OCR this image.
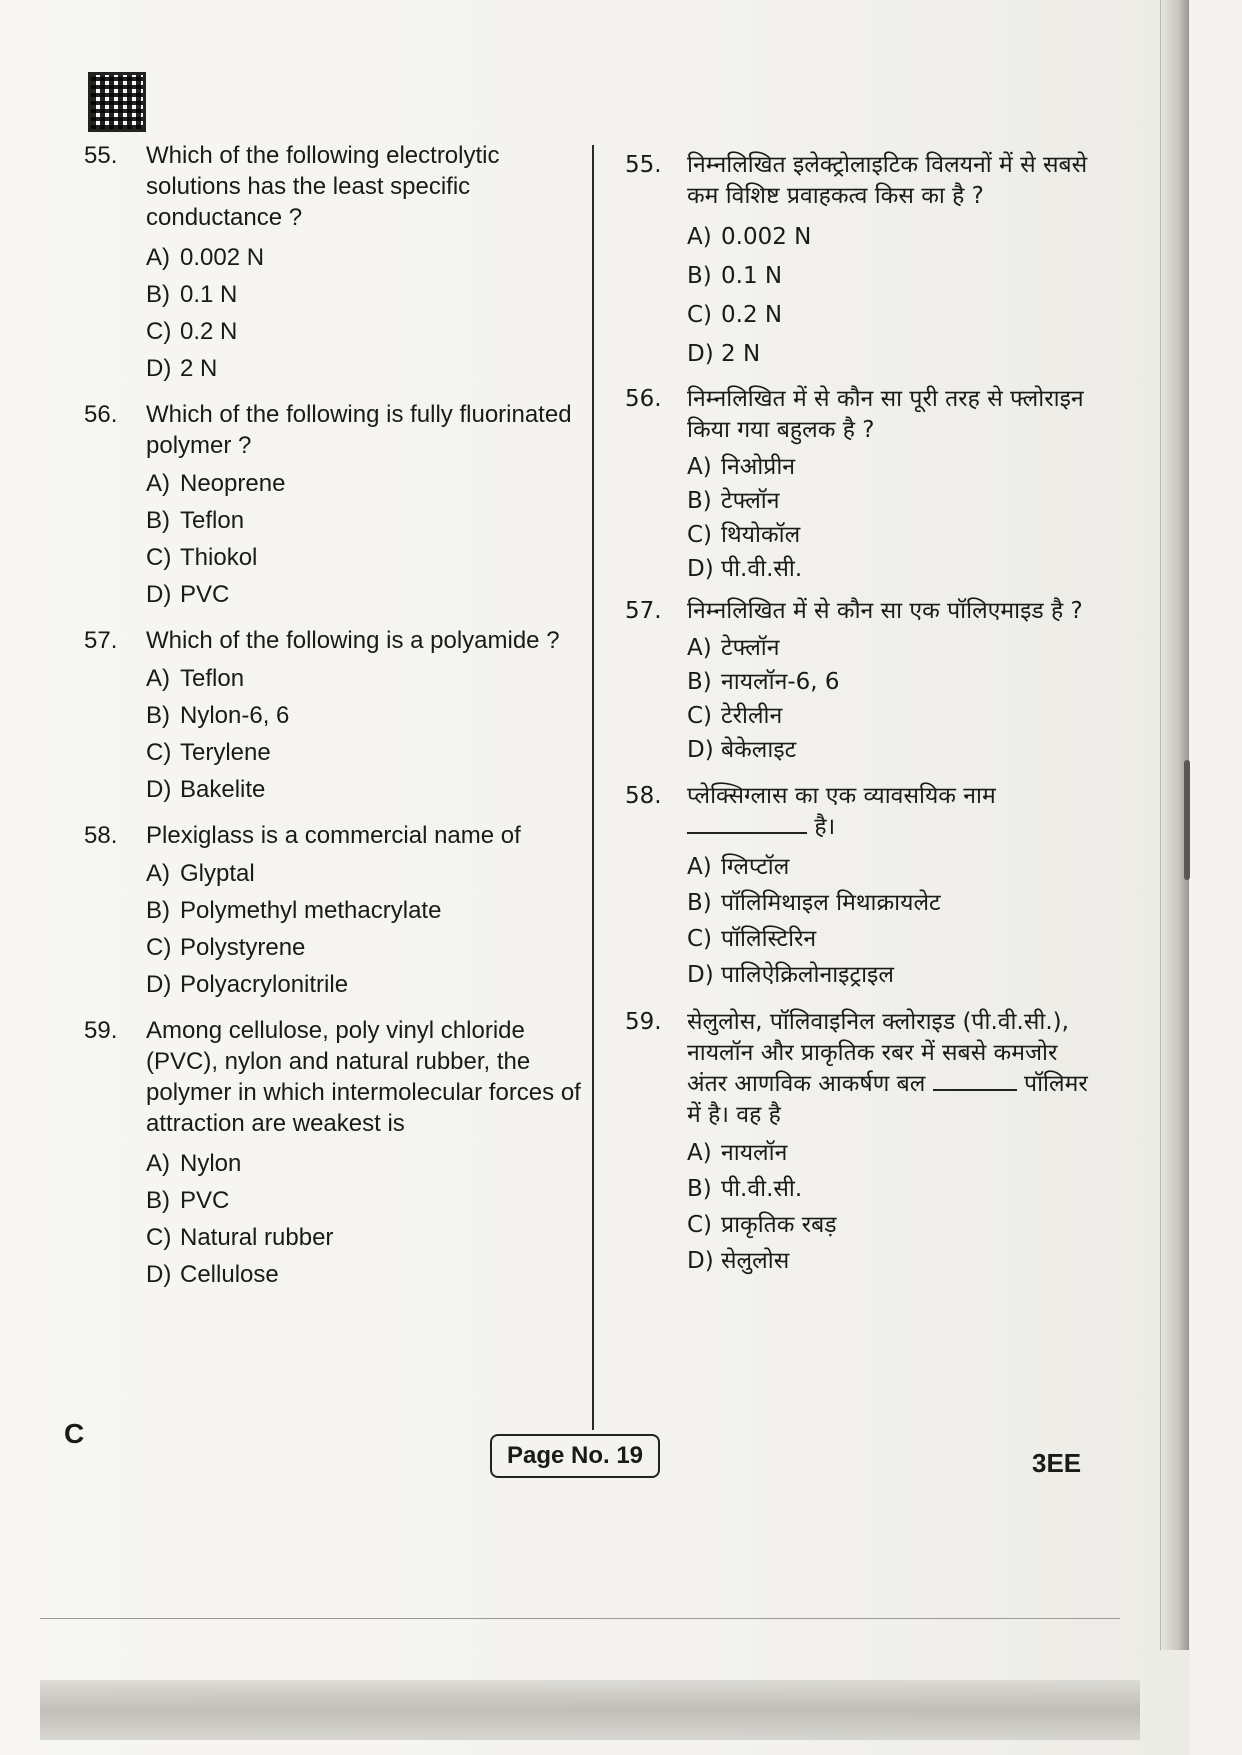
55. Which of the following electrolytic solutions has the least specific conductance ?
A) 0.002 N
B) 0.1 N
C) 0.2 N
D) 2 N
56. Which of the following is fully fluorinated polymer ?
A) Neoprene
B) Teflon
C) Thiokol
D) PVC
57. Which of the following is a polyamide ?
A) Teflon
B) Nylon-6, 6
C) Terylene
D) Bakelite
58. Plexiglass is a commercial name of
A) Glyptal
B) Polymethyl methacrylate
C) Polystyrene
D) Polyacrylonitrile
59. Among cellulose, poly vinyl chloride (PVC), nylon and natural rubber, the polymer in which intermolecular forces of attraction are weakest is
A) Nylon
B) PVC
C) Natural rubber
D) Cellulose
55. निम्नलिखित इलेक्ट्रोलाइटिक विलयनों में से सबसे कम विशिष्ट प्रवाहकत्व किस का है ?
A) 0.002 N
B) 0.1 N
C) 0.2 N
D) 2 N
56. निम्नलिखित में से कौन सा पूरी तरह से फ्लोराइन किया गया बहुलक है ?
A) निओप्रीन
B) टेफ्लॉन
C) थियोकॉल
D) पी.वी.सी.
57. निम्नलिखित में से कौन सा एक पॉलिएमाइड है ?
A) टेफ्लॉन
B) नायलॉन-6, 6
C) टेरीलीन
D) बेकेलाइट
58. प्लेक्सिग्लास का एक व्यावसयिक नाम
है।
A) ग्लिप्टॉल
B) पॉलिमिथाइल मिथाक्रायलेट
C) पॉलिस्टिरिन
D) पालिऐक्रिलोनाइट्राइल
59. सेलुलोस, पॉलिवाइनिल क्लोराइड (पी.वी.सी.), नायलॉन और प्राकृतिक रबर में सबसे कमजोर अंतर आणविक आकर्षण बल	पॉलिमर में है। वह है
A) नायलॉन
B) पी.वी.सी.
C) प्राकृतिक रबड़
D) सेलुलोस
C
Page No. 19	3EE
